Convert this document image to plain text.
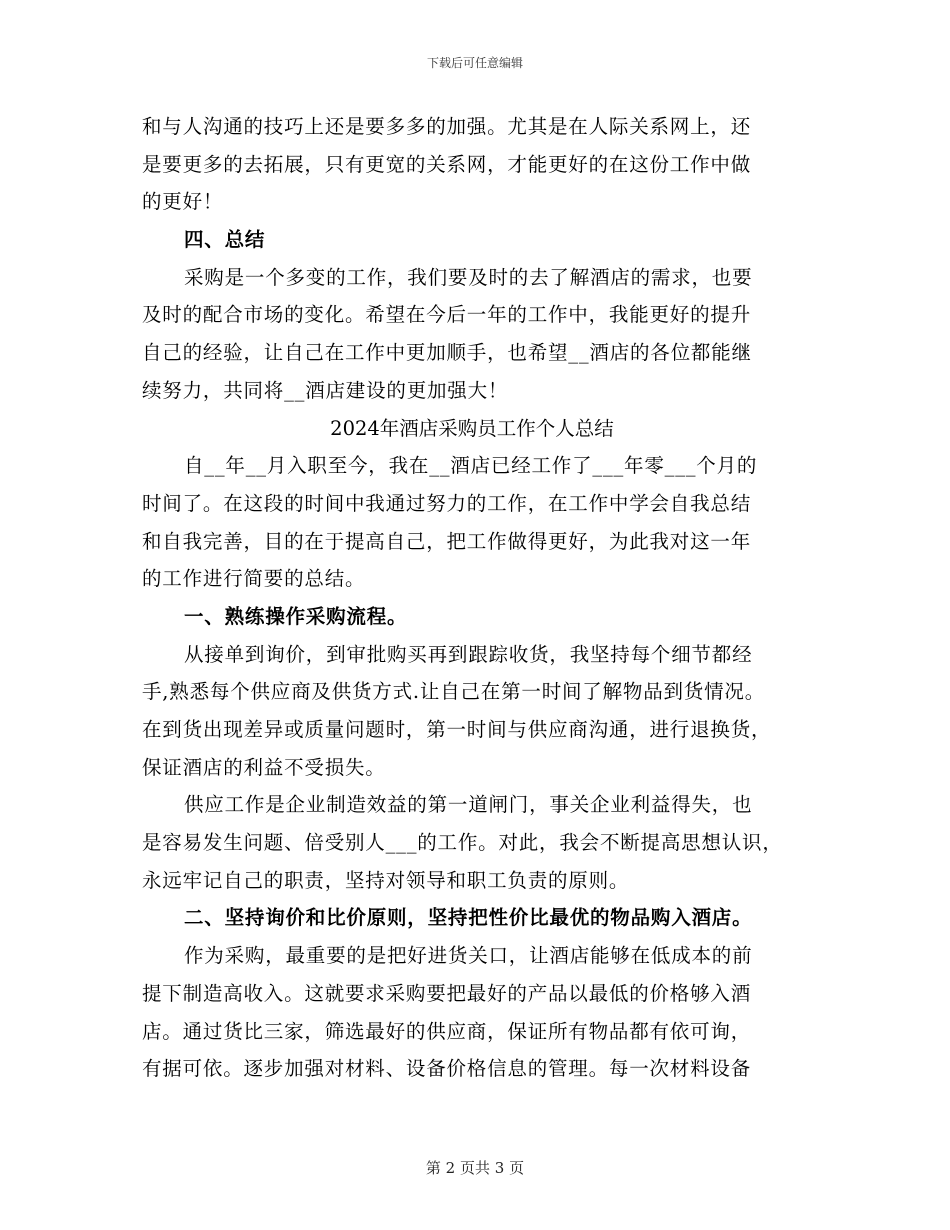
下载后可任意编辑
和与人沟通的技巧上还是要多多的加强。尤其是在人际关系网上，还
是要更多的去拓展，只有更宽的关系网，才能更好的在这份工作中做
的更好！
四、总结
采购是一个多变的工作，我们要及时的去了解酒店的需求，也要
及时的配合市场的变化。希望在今后一年的工作中，我能更好的提升
自己的经验，让自己在工作中更加顺手，也希望__酒店的各位都能继
续努力，共同将__酒店建设的更加强大！
2024年酒店采购员工作个人总结
自__年__月入职至今，我在__酒店已经工作了___年零___个月的
时间了。在这段的时间中我通过努力的工作，在工作中学会自我总结
和自我完善，目的在于提高自己，把工作做得更好，为此我对这一年
的工作进行简要的总结。
一、熟练操作采购流程。
从接单到询价，到审批购买再到跟踪收货，我坚持每个细节都经
手,熟悉每个供应商及供货方式.让自己在第一时间了解物品到货情况。
在到货出现差异或质量问题时，第一时间与供应商沟通，进行退换货，
保证酒店的利益不受损失。
供应工作是企业制造效益的第一道闸门，事关企业利益得失，也
是容易发生问题、倍受别人___的工作。对此，我会不断提高思想认识，
永远牢记自己的职责，坚持对领导和职工负责的原则。
二、坚持询价和比价原则，坚持把性价比最优的物品购入酒店。
作为采购，最重要的是把好进货关口，让酒店能够在低成本的前
提下制造高收入。这就要求采购要把最好的产品以最低的价格够入酒
店。通过货比三家，筛选最好的供应商，保证所有物品都有依可询，
有据可依。逐步加强对材料、设备价格信息的管理。每一次材料设备
第 2 页共 3 页
